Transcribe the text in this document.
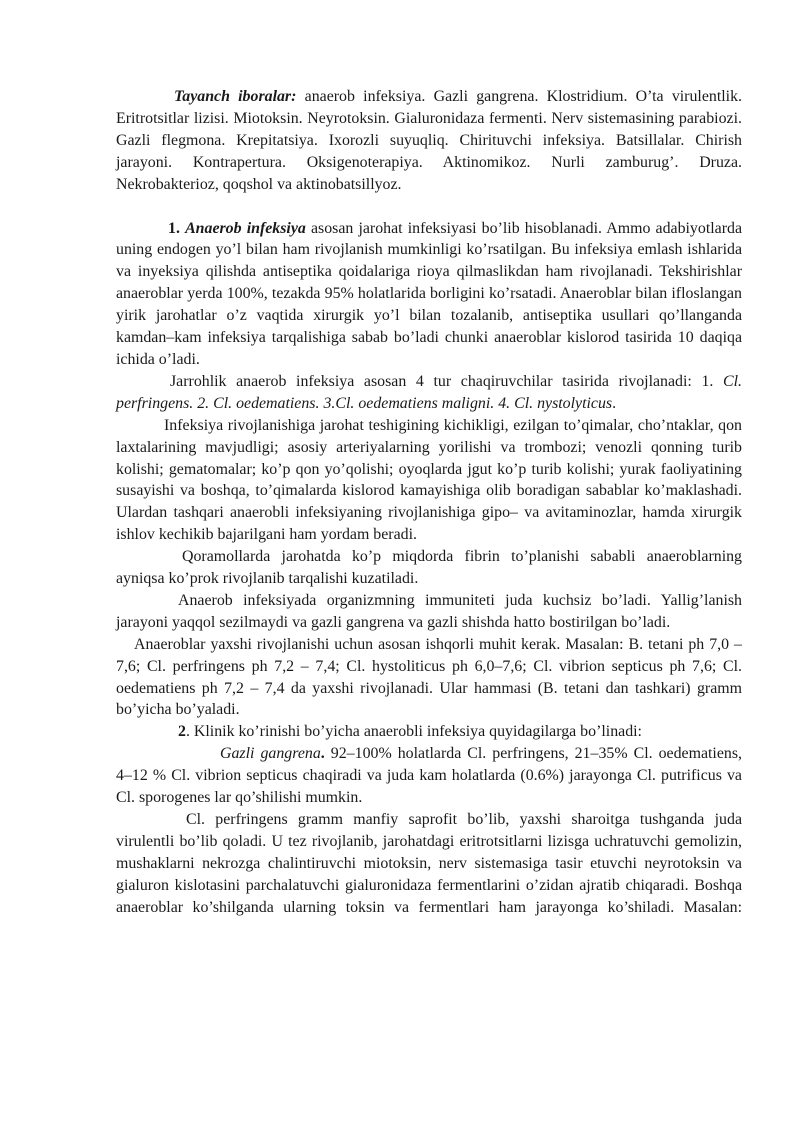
Tayanch iboralar: anaerob infeksiya. Gazli gangrena. Klostridium. O’ta virulentlik. Eritrotsitlar lizisi. Miotoksin. Neyrotoksin. Gialuronidaza fermenti. Nerv sistemasining parabiozi. Gazli flegmona. Krepitatsiya. Ixorozli suyuqliq. Chirituvchi infeksiya. Batsillalar. Chirish jarayoni. Kontrapertura. Oksigenoterapiya. Aktinomikoz. Nurli zamburug’. Druza. Nekrobakterioz, qoqshol va aktinobatsillyoz.

1. Anaerob infeksiya asosan jarohat infeksiyasi bo’lib hisoblanadi. Ammo adabiyotlarda uning endogen yo’l bilan ham rivojlanish mumkinligi ko’rsatilgan. Bu infeksiya emlash ishlarida va inyeksiya qilishda antiseptika qoidalariga rioya qilmaslikdan ham rivojlanadi. Tekshirishlar anaeroblar yerda 100%, tezakda 95% holatlarida borligini ko’rsatadi. Anaeroblar bilan ifloslangan yirik jarohatlar o’z vaqtida xirurgik yo’l bilan tozalanib, antiseptika usullari qo’llanganda kamdan–kam infeksiya tarqalishiga sabab bo’ladi chunki anaeroblar kislorod tasirida 10 daqiqa ichida o’ladi.

Jarrohlik anaerob infeksiya asosan 4 tur chaqiruvchilar tasirida rivojlanadi: 1. Cl. perfringens. 2. Cl. oedematiens. 3.Cl. oedematiens maligni. 4. Cl. nystolyticus.

Infeksiya rivojlanishiga jarohat teshigining kichikligi, ezilgan to’qimalar, cho’ntaklar, qon laxtalarining mavjudligi; asosiy arteriyalarning yorilishi va trombozi; venozli qonning turib kolishi; gematomalar; ko’p qon yo’qolishi; oyoqlarda jgut ko’p turib kolishi; yurak faoliyatining susayishi va boshqa, to’qimalarda kislorod kamayishiga olib boradigan sabablar ko’maklashadi. Ulardan tashqari anaerobli infeksiyaning rivojlanishiga gipo– va avitaminozlar, hamda xirurgik ishlov kechikib bajarilgani ham yordam beradi.

Qoramollarda jarohatda ko’p miqdorda fibrin to’planishi sababli anaeroblarning ayniqsa ko’prok rivojlanib tarqalishi kuzatiladi.

Anaerob infeksiyada organizmning immuniteti juda kuchsiz bo’ladi. Yallig’lanish jarayoni yaqqol sezilmaydi va gazli gangrena va gazli shishda hatto bostirilgan bo’ladi.

Anaeroblar yaxshi rivojlanishi uchun asosan ishqorli muhit kerak. Masalan: B. tetani ph 7,0 – 7,6; Cl. perfringens ph 7,2 – 7,4; Cl. hystoliticus ph 6,0–7,6; Cl. vibrion septicus ph 7,6; Cl. oedematiens ph 7,2 – 7,4 da yaxshi rivojlanadi. Ular hammasi (B. tetani dan tashkari) gramm bo’yicha bo’yaladi.

2. Klinik ko’rinishi bo’yicha anaerobli infeksiya quyidagilarga bo’linadi:

Gazli gangrena. 92–100% holatlarda Cl. perfringens, 21–35% Cl. oedematiens, 4–12 % Cl. vibrion septicus chaqiradi va juda kam holatlarda (0.6%) jarayonga Cl. putrificus va Cl. sporogenes lar qo’shilishi mumkin.

Cl. perfringens gramm manfiy saprofit bo’lib, yaxshi sharoitga tushganda juda virulentli bo’lib qoladi. U tez rivojlanib, jarohatdagi eritrotsitlarni lizisga uchratuvchi gemolizin, mushaklarni nekrozga chalintiruvchi miotoksin, nerv sistemasiga tasir etuvchi neyrotoksin va gialuron kislotasini parchalatuvchi gialuronidaza fermentlarini o’zidan ajratib chiqaradi. Boshqa anaeroblar ko’shilganda ularning toksin va fermentlari ham jarayonga ko’shiladi. Masalan:
